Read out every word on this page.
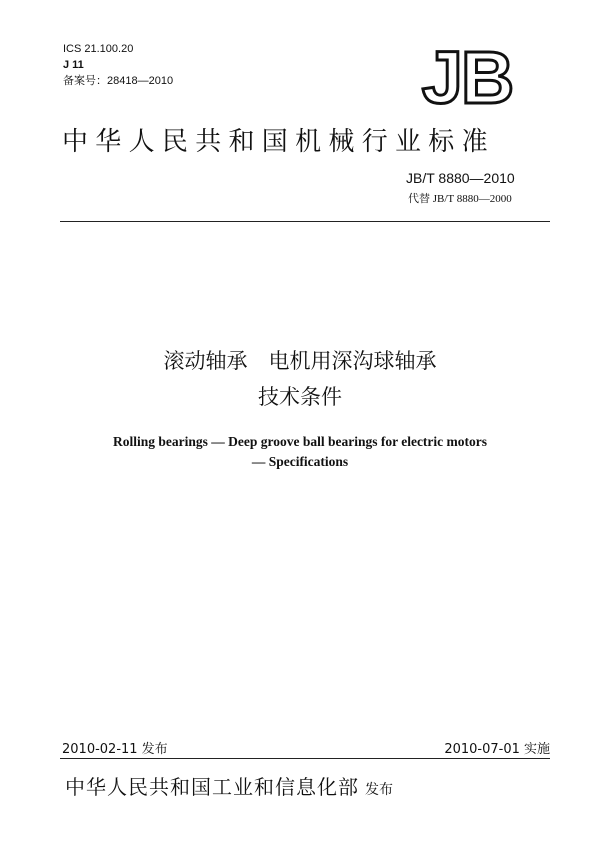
ICS 21.100.20
J 11
备案号：28418—2010	JB
中华人民共和国机械行业标准
JB/T 8880—2010
代替 JB/T 8880—2000
滚动轴承　电机用深沟球轴承
技术条件
Rolling bearings — Deep groove ball bearings for electric motors
— Specifications
2010-02-11 发布	2010-07-01 实施
中华人民共和国工业和信息化部 发布
